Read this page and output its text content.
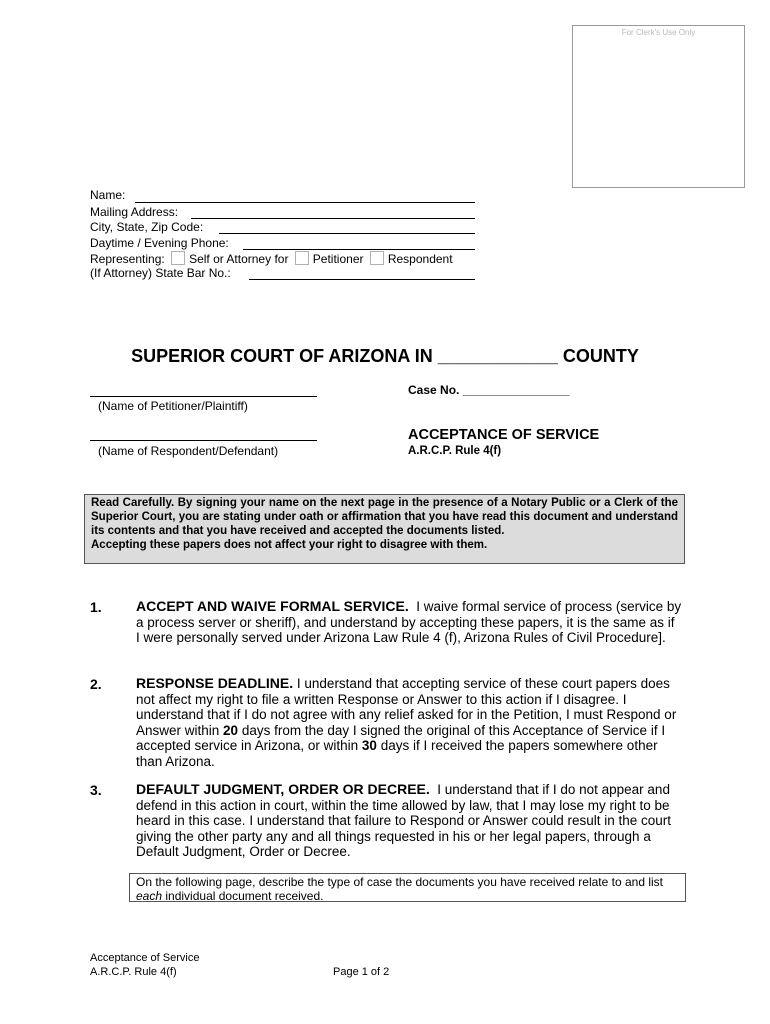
For Clerk's Use Only
Name:
Mailing Address:
City, State, Zip Code:
Daytime / Evening Phone:
Representing: Self or Attorney for Petitioner Respondent
(If Attorney) State Bar No.:
SUPERIOR COURT OF ARIZONA IN ____________ COUNTY
(Name of Petitioner/Plaintiff)
(Name of Respondent/Defendant)
Case No. ________________
ACCEPTANCE OF SERVICE
A.R.C.P. Rule 4(f)
Read Carefully. By signing your name on the next page in the presence of a Notary Public or a Clerk of the Superior Court, you are stating under oath or affirmation that you have read this document and understand its contents and that you have received and accepted the documents listed.
Accepting these papers does not affect your right to disagree with them.
1. ACCEPT AND WAIVE FORMAL SERVICE. I waive formal service of process (service by a process server or sheriff), and understand by accepting these papers, it is the same as if I were personally served under Arizona Law Rule 4 (f), Arizona Rules of Civil Procedure].
2. RESPONSE DEADLINE. I understand that accepting service of these court papers does not affect my right to file a written Response or Answer to this action if I disagree. I understand that if I do not agree with any relief asked for in the Petition, I must Respond or Answer within 20 days from the day I signed the original of this Acceptance of Service if I accepted service in Arizona, or within 30 days if I received the papers somewhere other than Arizona.
3. DEFAULT JUDGMENT, ORDER OR DECREE. I understand that if I do not appear and defend in this action in court, within the time allowed by law, that I may lose my right to be heard in this case. I understand that failure to Respond or Answer could result in the court giving the other party any and all things requested in his or her legal papers, through a Default Judgment, Order or Decree.
On the following page, describe the type of case the documents you have received relate to and list each individual document received.
Acceptance of Service
A.R.C.P. Rule 4(f)	Page 1 of 2
